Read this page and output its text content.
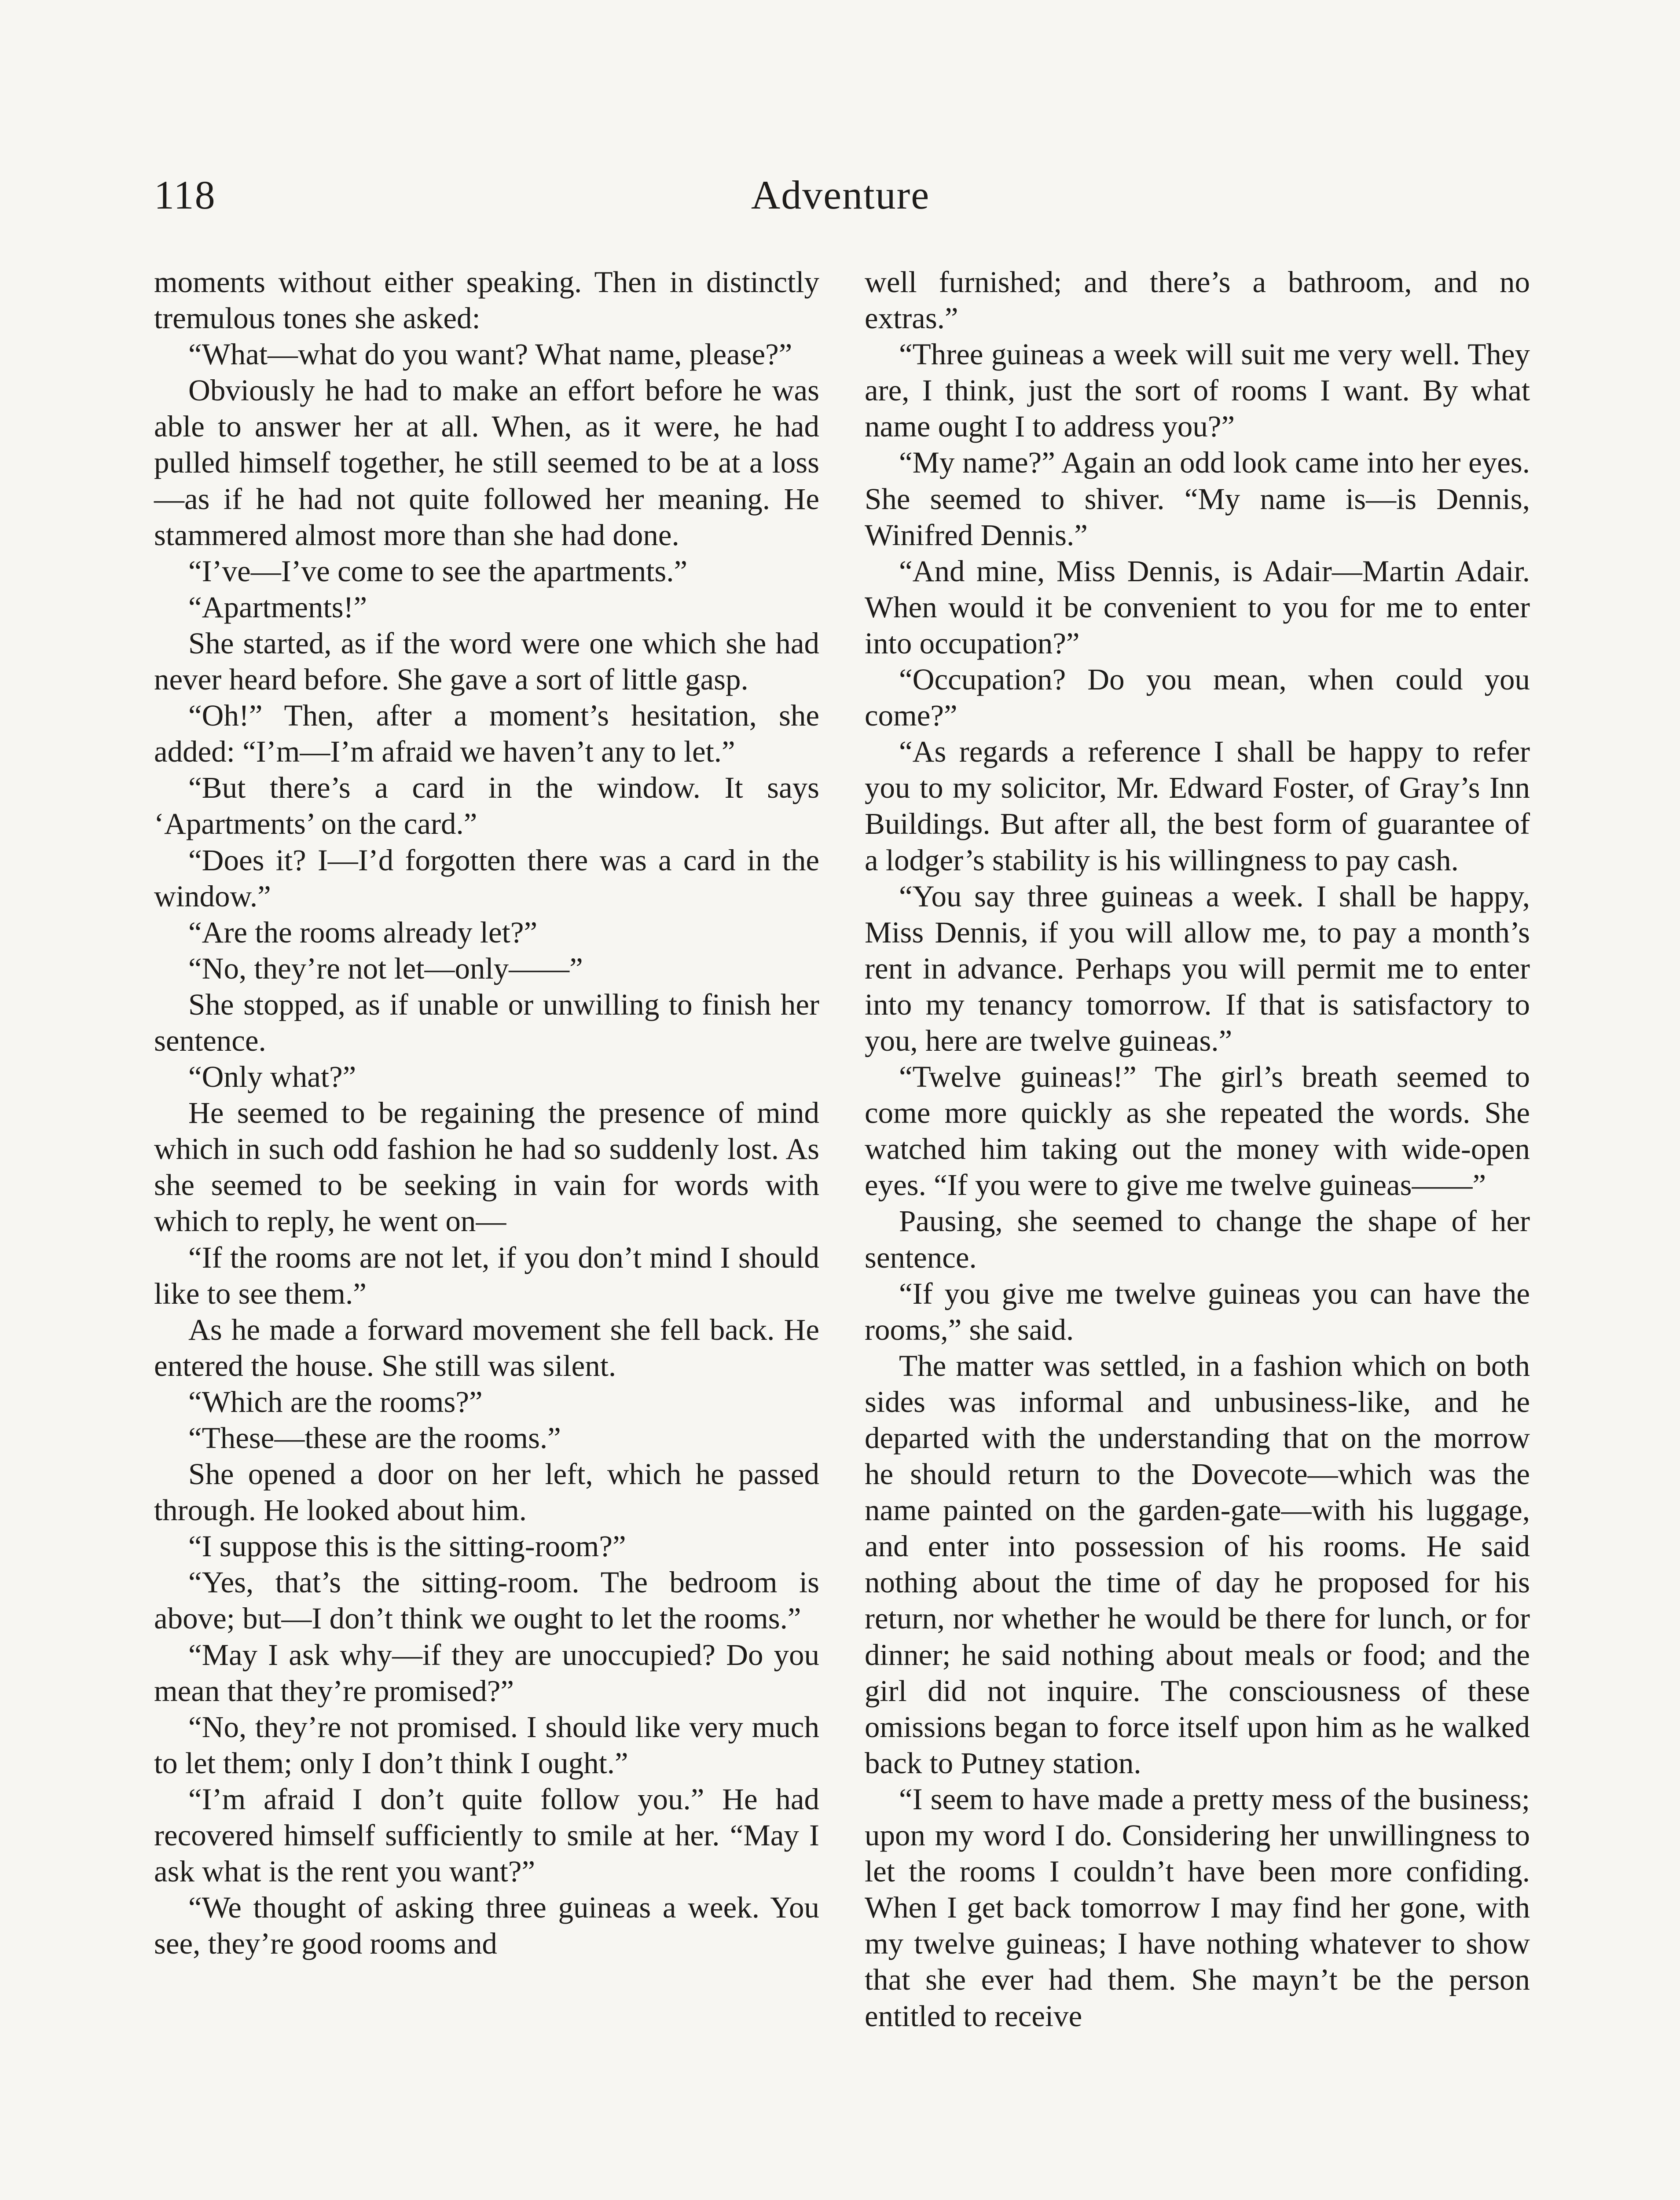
118	Adventure

moments without either speaking. Then in distinctly tremulous tones she asked:

“What—what do you want? What name, please?”

Obviously he had to make an effort before he was able to answer her at all. When, as it were, he had pulled himself together, he still seemed to be at a loss—as if he had not quite followed her meaning. He stammered almost more than she had done.

“I’ve—I’ve come to see the apartments.”

“Apartments!”

She started, as if the word were one which she had never heard before. She gave a sort of little gasp.

“Oh!” Then, after a moment’s hesitation, she added: “I’m—I’m afraid we haven’t any to let.”

“But there’s a card in the window. It says ‘Apartments’ on the card.”

“Does it? I—I’d forgotten there was a card in the window.”

“Are the rooms already let?”

“No, they’re not let—only——”

She stopped, as if unable or unwilling to finish her sentence.

“Only what?”

He seemed to be regaining the presence of mind which in such odd fashion he had so suddenly lost. As she seemed to be seeking in vain for words with which to reply, he went on—

“If the rooms are not let, if you don’t mind I should like to see them.”

As he made a forward movement she fell back. He entered the house. She still was silent.

“Which are the rooms?”

“These—these are the rooms.”

She opened a door on her left, which he passed through. He looked about him.

“I suppose this is the sitting-room?”

“Yes, that’s the sitting-room. The bedroom is above; but—I don’t think we ought to let the rooms.”

“May I ask why—if they are unoccupied? Do you mean that they’re promised?”

“No, they’re not promised. I should like very much to let them; only I don’t think I ought.”

“I’m afraid I don’t quite follow you.” He had recovered himself sufficiently to smile at her. “May I ask what is the rent you want?”

“We thought of asking three guineas a week. You see, they’re good rooms and

well furnished; and there’s a bathroom, and no extras.”

“Three guineas a week will suit me very well. They are, I think, just the sort of rooms I want. By what name ought I to address you?”

“My name?” Again an odd look came into her eyes. She seemed to shiver. “My name is—is Dennis, Winifred Dennis.”

“And mine, Miss Dennis, is Adair—Martin Adair. When would it be convenient to you for me to enter into occupation?”

“Occupation? Do you mean, when could you come?”

“As regards a reference I shall be happy to refer you to my solicitor, Mr. Edward Foster, of Gray’s Inn Buildings. But after all, the best form of guarantee of a lodger’s stability is his willingness to pay cash.

“You say three guineas a week. I shall be happy, Miss Dennis, if you will allow me, to pay a month’s rent in advance. Perhaps you will permit me to enter into my tenancy tomorrow. If that is satisfactory to you, here are twelve guineas.”

“Twelve guineas!” The girl’s breath seemed to come more quickly as she repeated the words. She watched him taking out the money with wide-open eyes. “If you were to give me twelve guineas——”

Pausing, she seemed to change the shape of her sentence.

“If you give me twelve guineas you can have the rooms,” she said.

The matter was settled, in a fashion which on both sides was informal and unbusiness-like, and he departed with the understanding that on the morrow he should return to the Dovecote—which was the name painted on the garden-gate—with his luggage, and enter into possession of his rooms. He said nothing about the time of day he proposed for his return, nor whether he would be there for lunch, or for dinner; he said nothing about meals or food; and the girl did not inquire. The consciousness of these omissions began to force itself upon him as he walked back to Putney station.

“I seem to have made a pretty mess of the business; upon my word I do. Considering her unwillingness to let the rooms I couldn’t have been more confiding. When I get back tomorrow I may find her gone, with my twelve guineas; I have nothing whatever to show that she ever had them. She mayn’t be the person entitled to receive
